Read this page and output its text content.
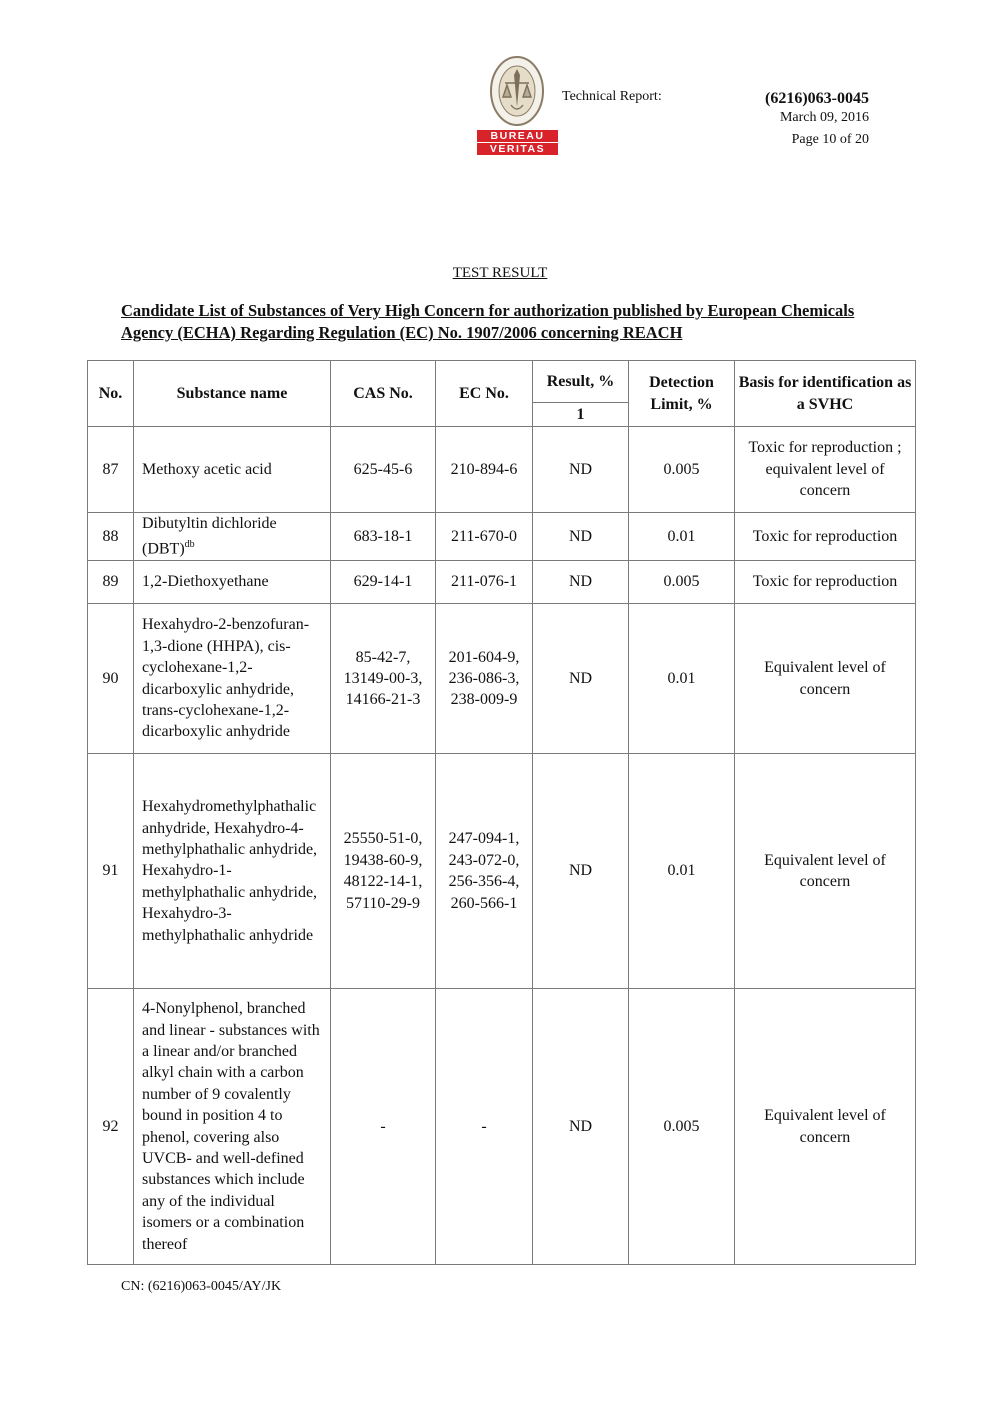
BUREAU
VERITAS
Technical Report:	(6216)063-0045
March 09, 2016
Page 10 of 20
TEST RESULT
Candidate List of Substances of Very High Concern for authorization published by European Chemicals Agency (ECHA) Regarding Regulation (EC) No. 1907/2006 concerning REACH
No.	Substance name	CAS No.	EC No.	Result, %	Detection Limit, %	Basis for identification as a SVHC
				1		
87	Methoxy acetic acid	625-45-6	210-894-6	ND	0.005	Toxic for reproduction ; equivalent level of concern
88	Dibutyltin dichloride (DBT)$^{db}$	683-18-1	211-670-0	ND	0.01	Toxic for reproduction
89	1,2-Diethoxyethane	629-14-1	211-076-1	ND	0.005	Toxic for reproduction
90	Hexahydro-2-benzofuran-1,3-dione (HHPA), cis-cyclohexane-1,2-dicarboxylic anhydride, trans-cyclohexane-1,2-dicarboxylic anhydride	85-42-7, 13149-00-3, 14166-21-3	201-604-9, 236-086-3, 238-009-9	ND	0.01	Equivalent level of concern
91	Hexahydromethylphathalic anhydride, Hexahydro-4-methylphathalic anhydride, Hexahydro-1-methylphathalic anhydride, Hexahydro-3-methylphathalic anhydride	25550-51-0, 19438-60-9, 48122-14-1, 57110-29-9	247-094-1, 243-072-0, 256-356-4, 260-566-1	ND	0.01	Equivalent level of concern
92	4-Nonylphenol, branched and linear - substances with a linear and/or branched alkyl chain with a carbon number of 9 covalently bound in position 4 to phenol, covering also UVCB- and well-defined substances which include any of the individual isomers or a combination thereof	-	-	ND	0.005	Equivalent level of concern
CN: (6216)063-0045/AY/JK
